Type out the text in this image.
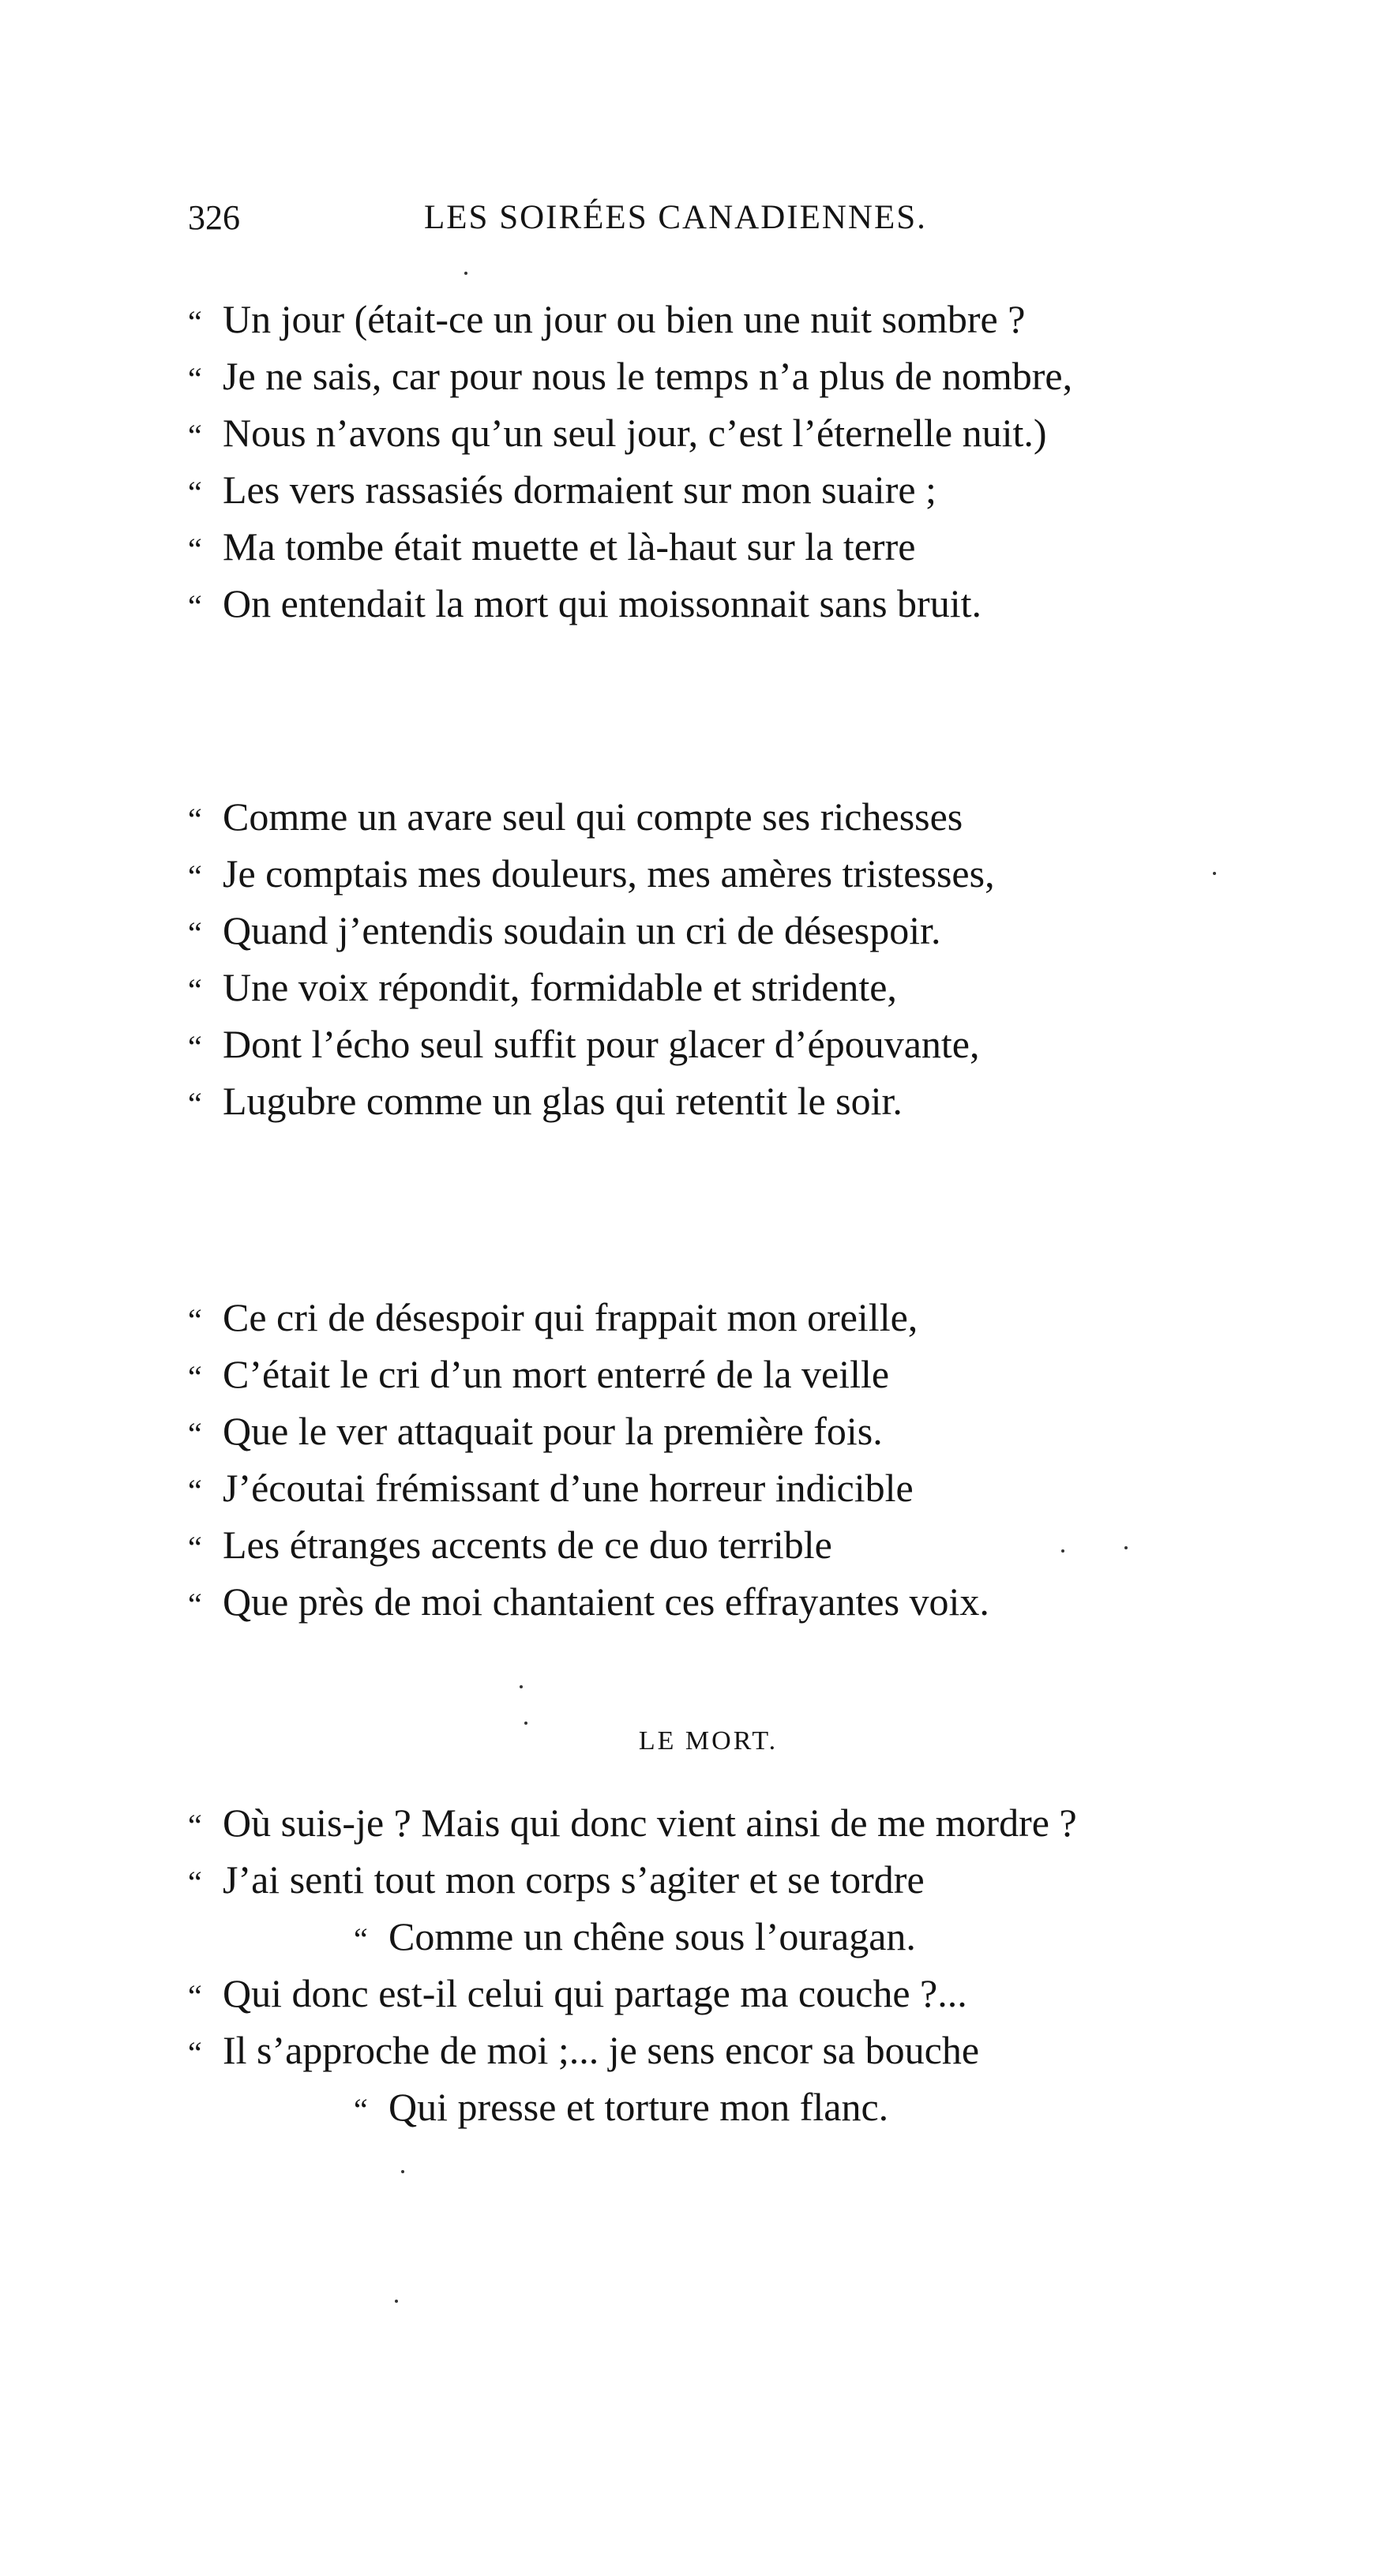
326	LES SOIRÉES CANADIENNES.
“ Un jour (était-ce un jour ou bien une nuit sombre ?
“ Je ne sais, car pour nous le temps n’a plus de nombre,
“ Nous n’avons qu’un seul jour, c’est l’éternelle nuit.)
“ Les vers rassasiés dormaient sur mon suaire ;
“ Ma tombe était muette et là-haut sur la terre
“ On entendait la mort qui moissonnait sans bruit.
“ Comme un avare seul qui compte ses richesses
“ Je comptais mes douleurs, mes amères tristesses,
“ Quand j’entendis soudain un cri de désespoir.
“ Une voix répondit, formidable et stridente,
“ Dont l’écho seul suffit pour glacer d’épouvante,
“ Lugubre comme un glas qui retentit le soir.
“ Ce cri de désespoir qui frappait mon oreille,
“ C’était le cri d’un mort enterré de la veille
“ Que le ver attaquait pour la première fois.
“ J’écoutai frémissant d’une horreur indicible
“ Les étranges accents de ce duo terrible
“ Que près de moi chantaient ces effrayantes voix.
LE MORT.
“ Où suis-je ? Mais qui donc vient ainsi de me mordre ?
“ J’ai senti tout mon corps s’agiter et se tordre
“ Comme un chêne sous l’ouragan.
“ Qui donc est-il celui qui partage ma couche ?...
“ Il s’approche de moi ;... je sens encor sa bouche
“ Qui presse et torture mon flanc.
